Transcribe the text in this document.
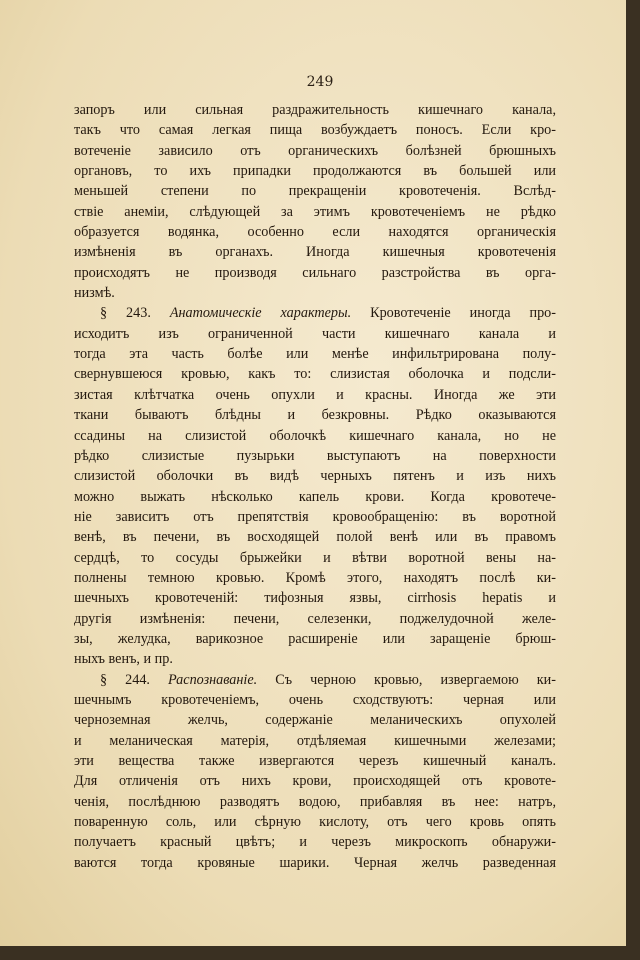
249
запоръ или сильная раздражительность кишечнаго канала,
такъ что самая легкая пища возбуждаетъ поносъ. Если кро-
вотеченіе зависило отъ органическихъ болѣзней брюшныхъ
органовъ, то ихъ припадки продолжаются въ большей или
меньшей степени по прекращеніи кровотеченія. Вслѣд-
ствіе анеміи, слѣдующей за этимъ кровотеченіемъ не рѣдко
образуется водянка, особенно если находятся органическія
измѣненія въ органахъ. Иногда кишечныя кровотеченія
происходятъ не производя сильнаго разстройства въ орга-
низмѣ.
§ 243. Анатомическіе характеры. Кровотеченіе иногда про-
исходитъ изъ ограниченной части кишечнаго канала и
тогда эта часть болѣе или менѣе инфильтрирована полу-
свернувшеюся кровью, какъ то: слизистая оболочка и подсли-
зистая клѣтчатка очень опухли и красны. Иногда же эти
ткани бываютъ блѣдны и безкровны. Рѣдко оказываются
ссадины на слизистой оболочкѣ кишечнаго канала, но не
рѣдко слизистые пузырьки выступаютъ на поверхности
слизистой оболочки въ видѣ черныхъ пятенъ и изъ нихъ
можно выжать нѣсколько капель крови. Когда кровотече-
ніе зависитъ отъ препятствія кровообращенію: въ воротной
венѣ, въ печени, въ восходящей полой венѣ или въ правомъ
сердцѣ, то сосуды брыжейки и вѣтви воротной вены на-
полнены темною кровью. Кромѣ этого, находятъ послѣ ки-
шечныхъ кровотеченій: тифозныя язвы, cirrhosis hepatis и
другія измѣненія: печени, селезенки, поджелудочной желе-
зы, желудка, варикозное расширеніе или заращеніе брюш-
ныхъ венъ, и пр.
§ 244. Распознаваніе. Съ черною кровью, извергаемою ки-
шечнымъ кровотеченіемъ, очень сходствуютъ: черная или
черноземная желчь, содержаніе меланическихъ опухолей
и меланическая матерія, отдѣляемая кишечными железами;
эти вещества также извергаются черезъ кишечный каналъ.
Для отличенія отъ нихъ крови, происходящей отъ кровоте-
ченія, послѣднюю разводятъ водою, прибавляя въ нее: натръ,
поваренную соль, или сѣрную кислоту, отъ чего кровь опять
получаетъ красный цвѣтъ; и черезъ микроскопъ обнаружи-
ваются тогда кровяные шарики. Черная желчь разведенная
